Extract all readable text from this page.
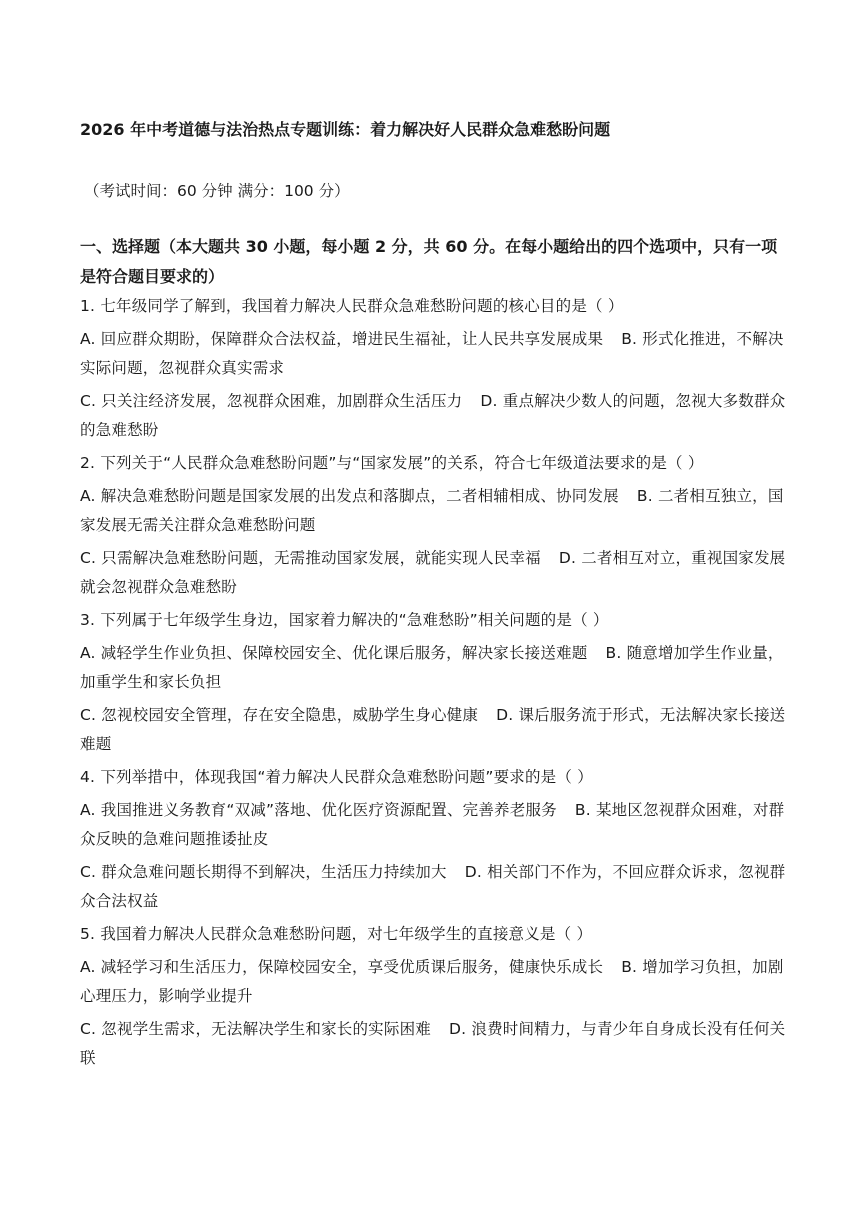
2026 年中考道德与法治热点专题训练：着力解决好人民群众急难愁盼问题
（考试时间：60 分钟 满分：100 分）
一、选择题（本大题共 30 小题，每小题 2 分，共 60 分。在每小题给出的四个选项中，只有一项是符合题目要求的）

1. 七年级同学了解到，我国着力解决人民群众急难愁盼问题的核心目的是（ ）

A. 回应群众期盼，保障群众合法权益，增进民生福祉，让人民共享发展成果 B. 形式化推进，不解决实际问题，忽视群众真实需求

C. 只关注经济发展，忽视群众困难，加剧群众生活压力 D. 重点解决少数人的问题，忽视大多数群众的急难愁盼

2. 下列关于“人民群众急难愁盼问题”与“国家发展”的关系，符合七年级道法要求的是（ ）

A. 解决急难愁盼问题是国家发展的出发点和落脚点，二者相辅相成、协同发展 B. 二者相互独立，国家发展无需关注群众急难愁盼问题

C. 只需解决急难愁盼问题，无需推动国家发展，就能实现人民幸福 D. 二者相互对立，重视国家发展就会忽视群众急难愁盼

3. 下列属于七年级学生身边，国家着力解决的“急难愁盼”相关问题的是（ ）

A. 减轻学生作业负担、保障校园安全、优化课后服务，解决家长接送难题 B. 随意增加学生作业量，加重学生和家长负担

C. 忽视校园安全管理，存在安全隐患，威胁学生身心健康 D. 课后服务流于形式，无法解决家长接送难题

4. 下列举措中，体现我国“着力解决人民群众急难愁盼问题”要求的是（ ）

A. 我国推进义务教育“双减”落地、优化医疗资源配置、完善养老服务 B. 某地区忽视群众困难，对群众反映的急难问题推诿扯皮

C. 群众急难问题长期得不到解决，生活压力持续加大 D. 相关部门不作为，不回应群众诉求，忽视群众合法权益

5. 我国着力解决人民群众急难愁盼问题，对七年级学生的直接意义是（ ）

A. 减轻学习和生活压力，保障校园安全，享受优质课后服务，健康快乐成长 B. 增加学习负担，加剧心理压力，影响学业提升

C. 忽视学生需求，无法解决学生和家长的实际困难 D. 浪费时间精力，与青少年自身成长没有任何关联
